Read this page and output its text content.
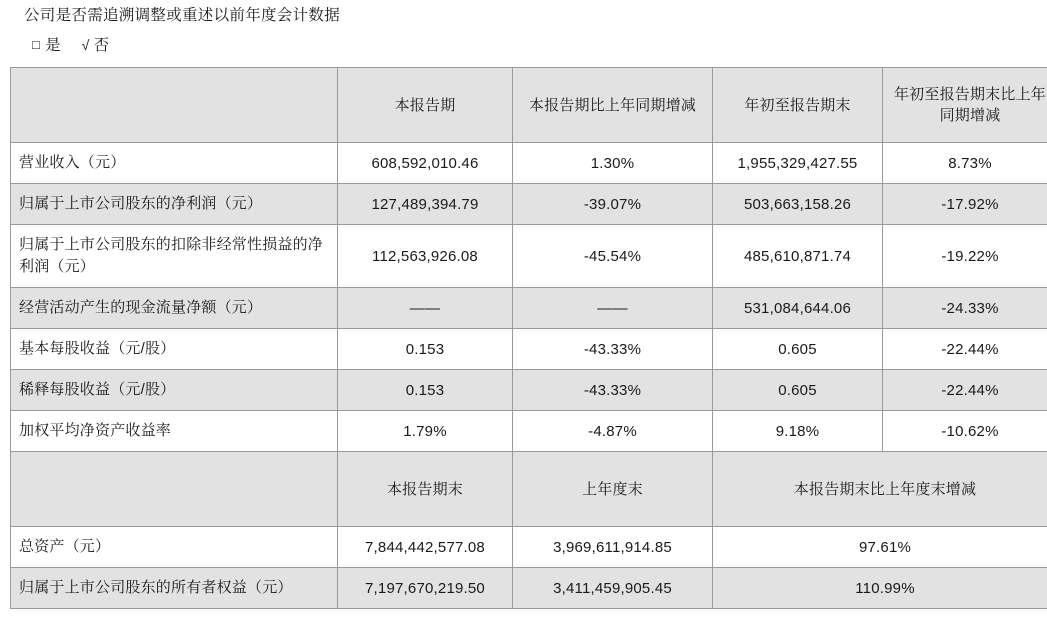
公司是否需追溯调整或重述以前年度会计数据
□ 是 √ 否
	本报告期	本报告期比上年同期增减	年初至报告期末	年初至报告期末比上年同期增减
营业收入（元）	608,592,010.46	1.30%	1,955,329,427.55	8.73%
归属于上市公司股东的净利润（元）	127,489,394.79	-39.07%	503,663,158.26	-17.92%
归属于上市公司股东的扣除非经常性损益的净利润（元）	112,563,926.08	-45.54%	485,610,871.74	-19.22%
经营活动产生的现金流量净额（元）	——	——	531,084,644.06	-24.33%
基本每股收益（元/股）	0.153	-43.33%	0.605	-22.44%
稀释每股收益（元/股）	0.153	-43.33%	0.605	-22.44%
加权平均净资产收益率	1.79%	-4.87%	9.18%	-10.62%
	本报告期末	上年度末	本报告期末比上年度末增减	
总资产（元）	7,844,442,577.08	3,969,611,914.85	97.61%	
归属于上市公司股东的所有者权益（元）	7,197,670,219.50	3,411,459,905.45	110.99%	
